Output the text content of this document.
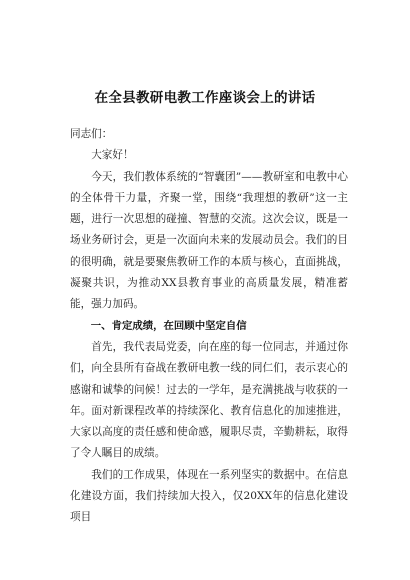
在全县教研电教工作座谈会上的讲话

同志们：

大家好！

今天，我们教体系统的“智囊团”——教研室和电教中心的全体骨干力量，齐聚一堂，围绕“我理想的教研”这一主题，进行一次思想的碰撞、智慧的交流。这次会议，既是一场业务研讨会，更是一次面向未来的发展动员会。我们的目的很明确，就是要聚焦教研工作的本质与核心，直面挑战，凝聚共识，为推动XX县教育事业的高质量发展，精准蓄能，强力加码。

一、肯定成绩，在回顾中坚定自信

首先，我代表局党委，向在座的每一位同志，并通过你们，向全县所有奋战在教研电教一线的同仁们，表示衷心的感谢和诚挚的问候！过去的一学年，是充满挑战与收获的一年。面对新课程改革的持续深化、教育信息化的加速推进，大家以高度的责任感和使命感，履职尽责，辛勤耕耘，取得了令人瞩目的成绩。

我们的工作成果，体现在一系列坚实的数据中。在信息化建设方面，我们持续加大投入，仅20XX年的信息化建设项目
